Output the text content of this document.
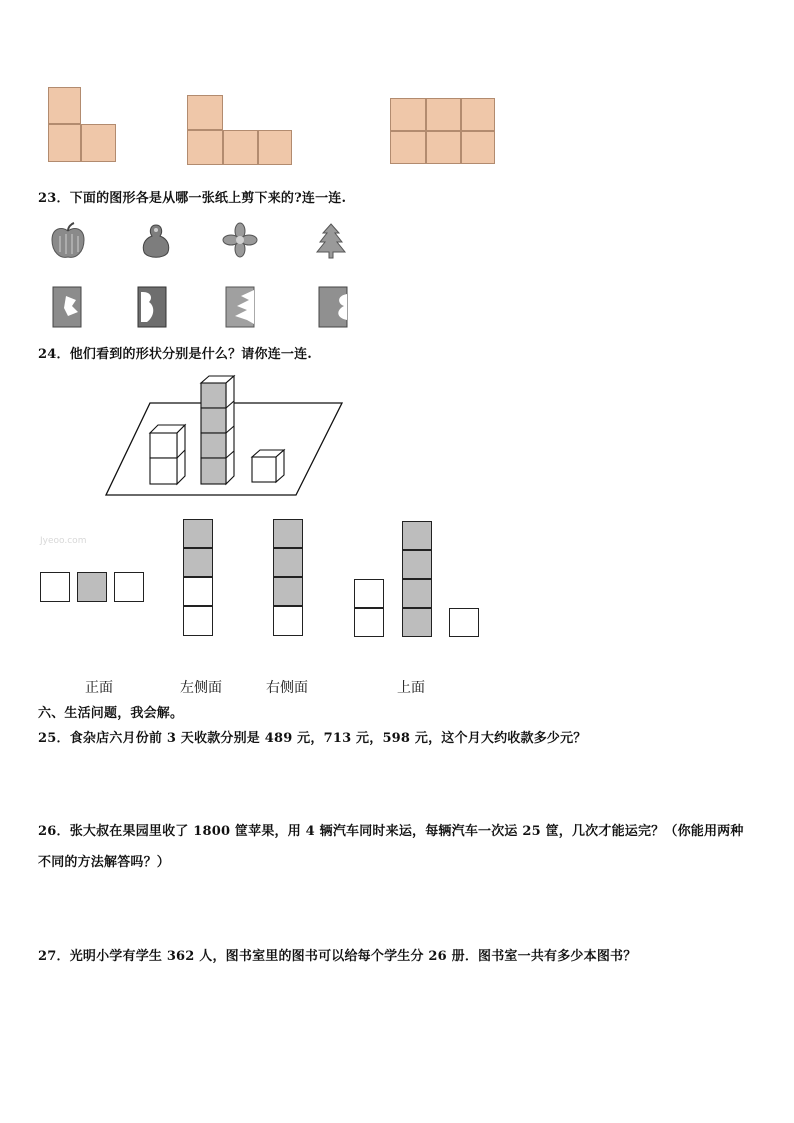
23．下面的图形各是从哪一张纸上剪下来的?连一连.
24．他们看到的形状分别是什么？请你连一连.
Jyeoo.com
正面	左侧面	右侧面	上面
六、生活问题，我会解。
25．食杂店六月份前 3 天收款分别是 489 元，713 元，598 元，这个月大约收款多少元？
26．张大叔在果园里收了 1800 筐苹果，用 4 辆汽车同时来运，每辆汽车一次运 25 筐，几次才能运完？（你能用两种
不同的方法解答吗？）
27．光明小学有学生 362 人，图书室里的图书可以给每个学生分 26 册．图书室一共有多少本图书？
